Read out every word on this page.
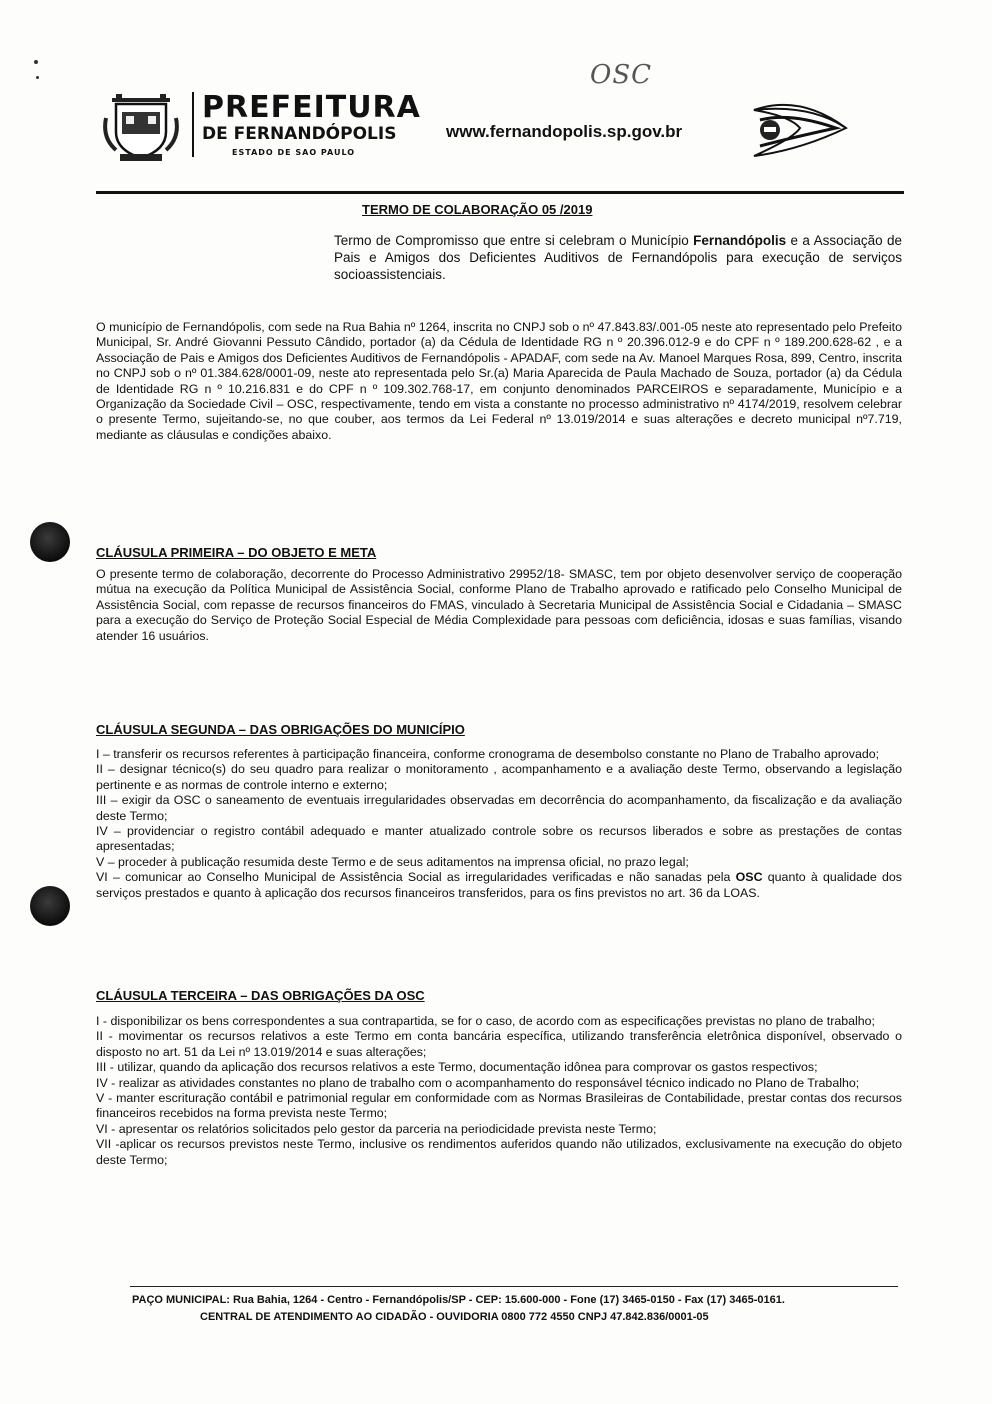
OSC
PREFEITURA
DE FERNANDÓPOLIS
ESTADO DE SAO PAULO
www.fernandopolis.sp.gov.br
TERMO DE COLABORAÇÃO 05 /2019
Termo de Compromisso que entre si celebram o Município Fernandópolis e a Associação de Pais e Amigos dos Deficientes Auditivos de Fernandópolis para execução de serviços socioassistenciais.
O município de Fernandópolis, com sede na Rua Bahia nº 1264, inscrita no CNPJ sob o nº 47.843.83/.001-05 neste ato representado pelo Prefeito Municipal, Sr. André Giovanni Pessuto Cândido, portador (a) da Cédula de Identidade RG n º 20.396.012-9 e do CPF n º 189.200.628-62 , e a Associação de Pais e Amigos dos Deficientes Auditivos de Fernandópolis - APADAF, com sede na Av. Manoel Marques Rosa, 899, Centro, inscrita no CNPJ sob o nº 01.384.628/0001-09, neste ato representada pelo Sr.(a) Maria Aparecida de Paula Machado de Souza, portador (a) da Cédula de Identidade RG n º 10.216.831 e do CPF n º 109.302.768-17, em conjunto denominados PARCEIROS e separadamente, Município e a Organização da Sociedade Civil – OSC, respectivamente, tendo em vista a constante no processo administrativo nº 4174/2019, resolvem celebrar o presente Termo, sujeitando-se, no que couber, aos termos da Lei Federal nº 13.019/2014 e suas alterações e decreto municipal nº7.719, mediante as cláusulas e condições abaixo.
CLÁUSULA PRIMEIRA – DO OBJETO E META
O presente termo de colaboração, decorrente do Processo Administrativo 29952/18- SMASC, tem por objeto desenvolver serviço de cooperação mútua na execução da Política Municipal de Assistência Social, conforme Plano de Trabalho aprovado e ratificado pelo Conselho Municipal de Assistência Social, com repasse de recursos financeiros do FMAS, vinculado à Secretaria Municipal de Assistência Social e Cidadania – SMASC para a execução do Serviço de Proteção Social Especial de Média Complexidade para pessoas com deficiência, idosas e suas famílias, visando atender 16 usuários.
CLÁUSULA SEGUNDA – DAS OBRIGAÇÕES DO MUNICÍPIO

I – transferir os recursos referentes à participação financeira, conforme cronograma de desembolso constante no Plano de Trabalho aprovado;

II – designar técnico(s) do seu quadro para realizar o monitoramento , acompanhamento e a avaliação deste Termo, observando a legislação pertinente e as normas de controle interno e externo;

III – exigir da OSC o saneamento de eventuais irregularidades observadas em decorrência do acompanhamento, da fiscalização e da avaliação deste Termo;

IV – providenciar o registro contábil adequado e manter atualizado controle sobre os recursos liberados e sobre as prestações de contas apresentadas;

V – proceder à publicação resumida deste Termo e de seus aditamentos na imprensa oficial, no prazo legal;

VI – comunicar ao Conselho Municipal de Assistência Social as irregularidades verificadas e não sanadas pela OSC quanto à qualidade dos serviços prestados e quanto à aplicação dos recursos financeiros transferidos, para os fins previstos no art. 36 da LOAS.

CLÁUSULA TERCEIRA – DAS OBRIGAÇÕES DA OSC

I - disponibilizar os bens correspondentes a sua contrapartida, se for o caso, de acordo com as especificações previstas no plano de trabalho;

II - movimentar os recursos relativos a este Termo em conta bancária específica, utilizando transferência eletrônica disponível, observado o disposto no art. 51 da Lei nº 13.019/2014 e suas alterações;

III - utilizar, quando da aplicação dos recursos relativos a este Termo, documentação idônea para comprovar os gastos respectivos;

IV - realizar as atividades constantes no plano de trabalho com o acompanhamento do responsável técnico indicado no Plano de Trabalho;

V - manter escrituração contábil e patrimonial regular em conformidade com as Normas Brasileiras de Contabilidade, prestar contas dos recursos financeiros recebidos na forma prevista neste Termo;

VI - apresentar os relatórios solicitados pelo gestor da parceria na periodicidade prevista neste Termo;

VII -aplicar os recursos previstos neste Termo, inclusive os rendimentos auferidos quando não utilizados, exclusivamente na execução do objeto deste Termo;

PAÇO MUNICIPAL: Rua Bahia, 1264 - Centro - Fernandópolis/SP - CEP: 15.600-000 - Fone (17) 3465-0150 - Fax (17) 3465-0161.
CENTRAL DE ATENDIMENTO AO CIDADÃO - OUVIDORIA 0800 772 4550 CNPJ 47.842.836/0001-05
